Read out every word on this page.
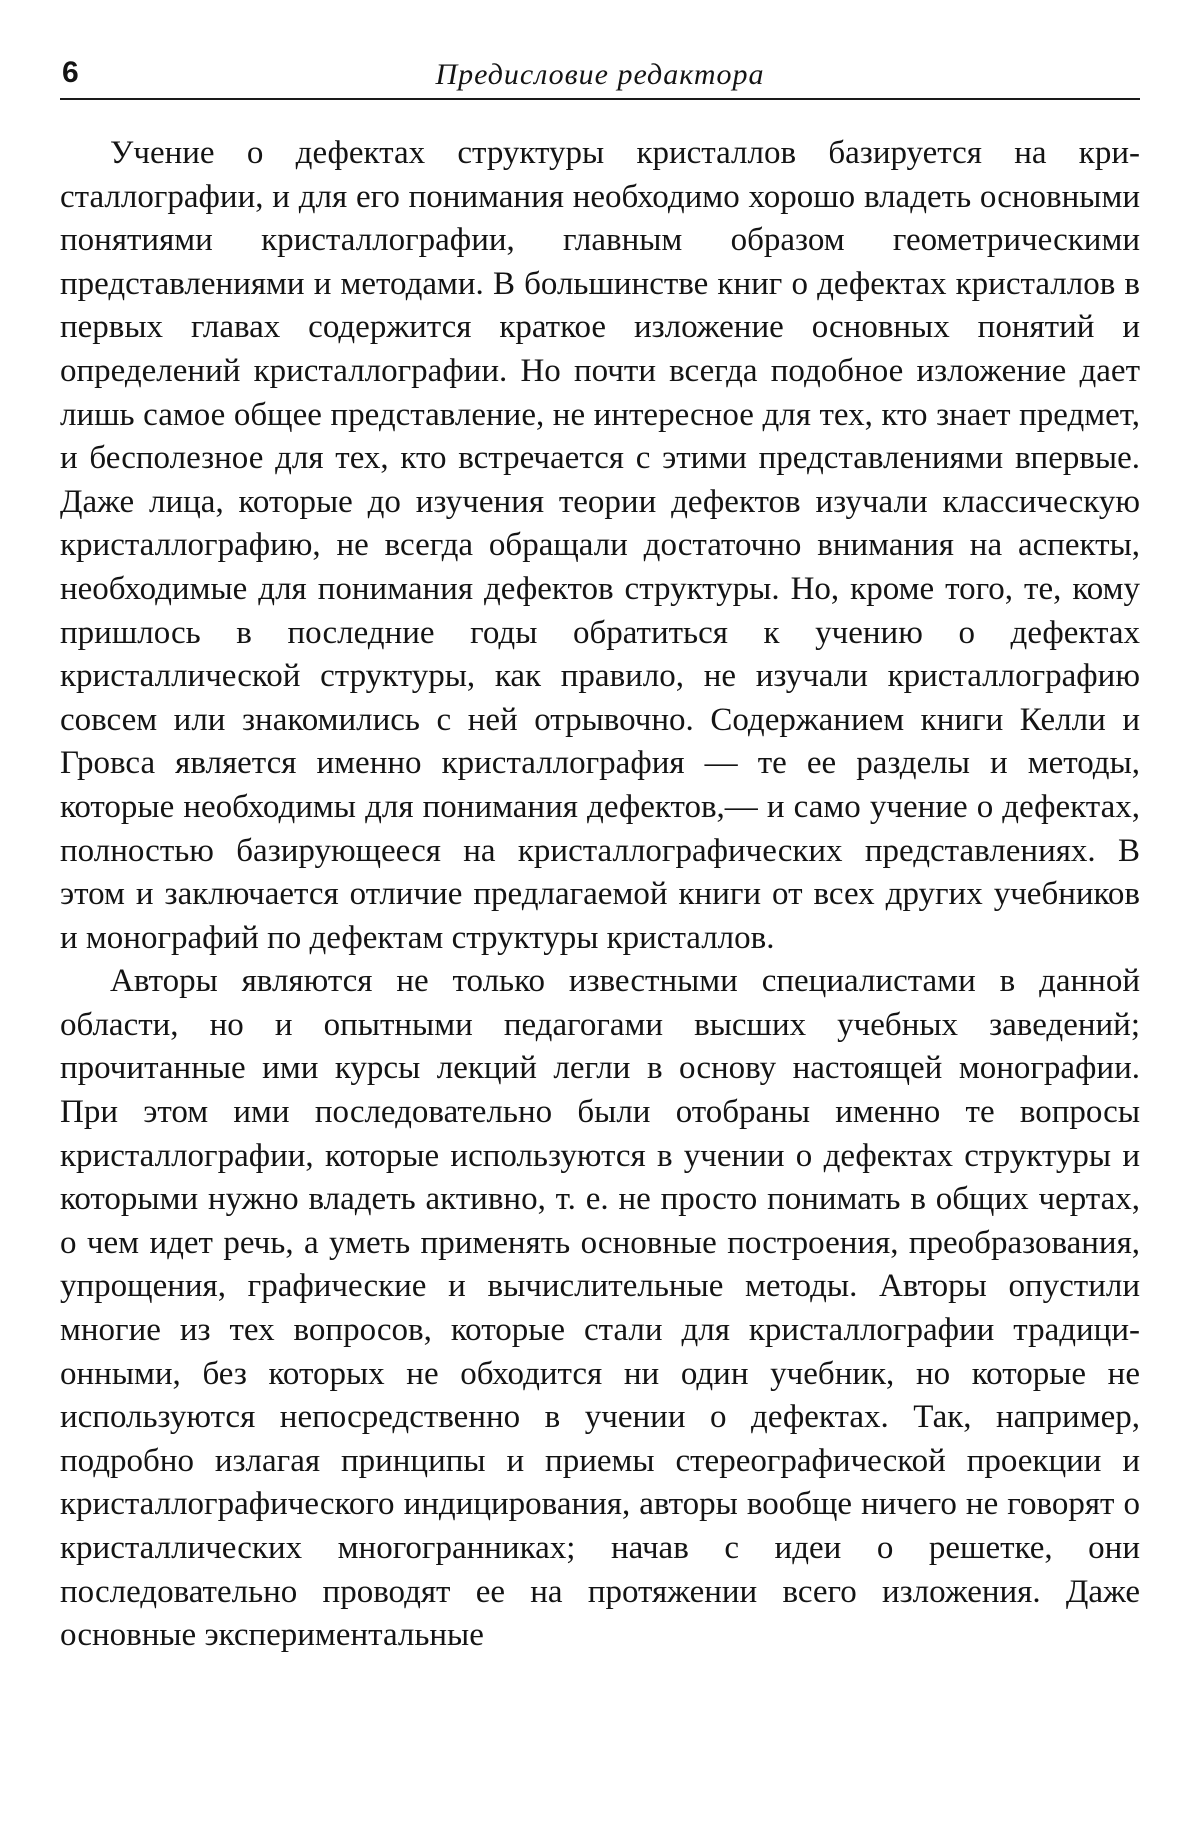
6	Предисловие редактора

Учение о дефектах структуры кристаллов базируется на кристаллографии, и для его понимания необходимо хорошо владеть основными понятиями кристаллографии, главным образом геометрическими представлениями и методами. В большинстве книг о дефектах кристаллов в первых главах содержится краткое изложение основных понятий и определений кристаллографии. Но почти всегда подобное изложение дает лишь самое общее представление, не интересное для тех, кто знает предмет, и бесполезное для тех, кто встречается с этими представлениями впервые. Даже лица, которые до изучения теории дефектов изучали классическую кристаллографию, не всегда обращали достаточно внимания на аспекты, необходимые для понимания дефектов структуры. Но, кроме того, те, кому пришлось в последние годы обратиться к учению о дефектах кристаллической структуры, как правило, не изучали кристаллографию совсем или знакомились с ней отрывочно. Содержанием книги Келли и Гровса является именно кристаллография — те ее разделы и методы, которые необходимы для понимания дефектов,— и само учение о дефектах, полностью базирующееся на кристаллографических представлениях. В этом и заключается отличие предлагаемой книги от всех других учебников и монографий по дефектам структуры кристаллов.

Авторы являются не только известными специалистами в данной области, но и опытными педагогами высших учебных заведений; прочитанные ими курсы лекций легли в основу настоящей монографии. При этом ими последовательно были отобраны именно те вопросы кристаллографии, которые используются в учении о дефектах структуры и которыми нужно владеть активно, т. е. не просто понимать в общих чертах, о чем идет речь, а уметь применять основные построения, преобразования, упрощения, графические и вычислительные методы. Авторы опустили многие из тех вопросов, которые стали для кристаллографии традиционными, без которых не обходится ни один учебник, но которые не используются непосредственно в учении о дефектах. Так, например, подробно излагая принципы и приемы стереографической проекции и кристаллографического индицирования, авторы вообще ничего не говорят о кристаллических многогранниках; начав с идеи о решетке, они последовательно проводят ее на протяжении всего изложения. Даже основные экспериментальные
